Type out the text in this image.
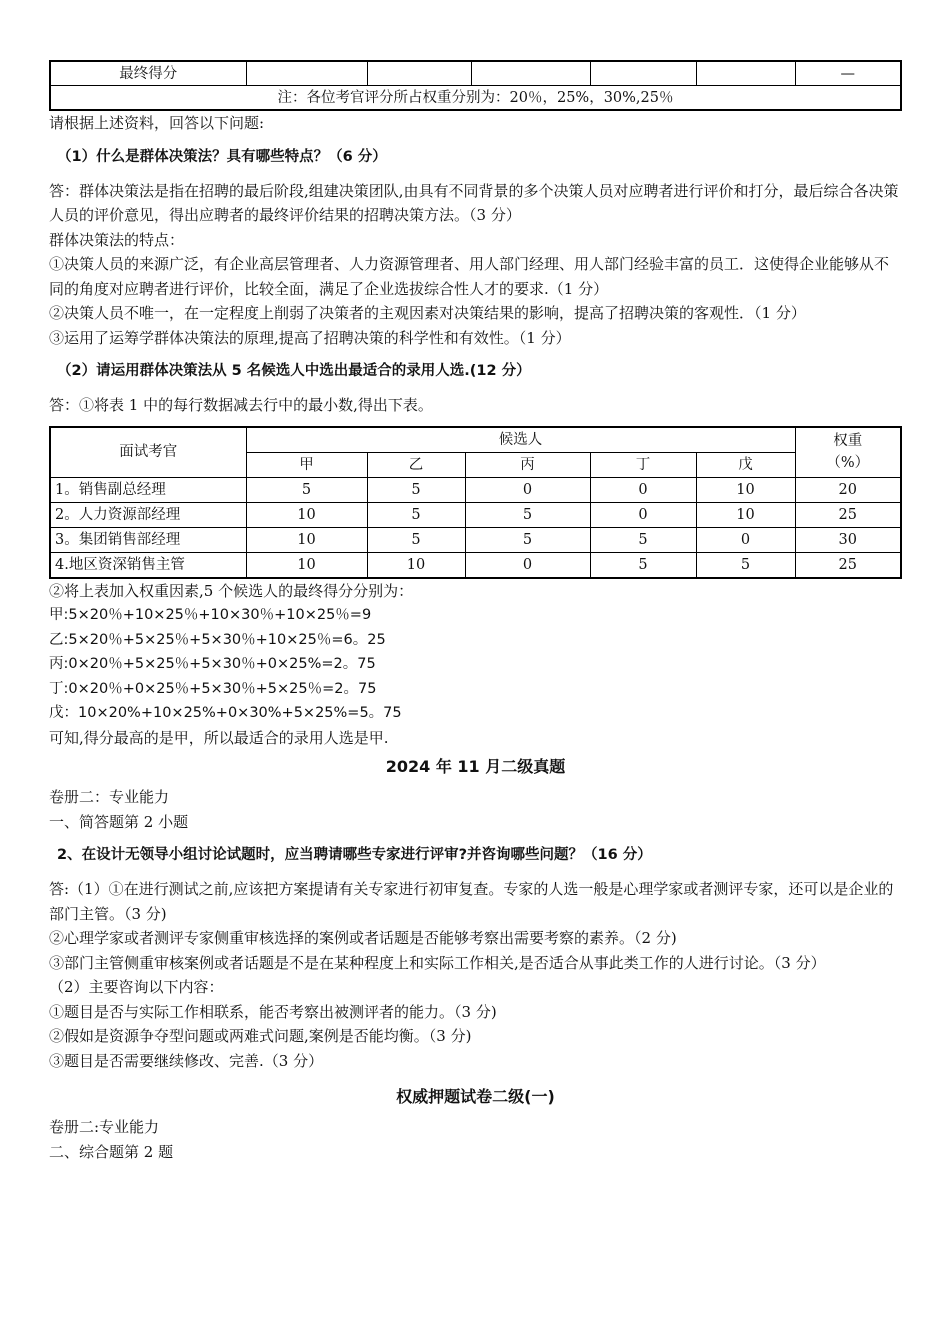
最终得分						—
注：各位考官评分所占权重分别为：20％，25%，30%,25％

请根据上述资料，回答以下问题:

（1）什么是群体决策法？具有哪些特点？（6 分）

答：群体决策法是指在招聘的最后阶段,组建决策团队,由具有不同背景的多个决策人员对应聘者进行评价和打分，最后综合各决策人员的评价意见，得出应聘者的最终评价结果的招聘决策方法。（3 分）

群体决策法的特点：

①决策人员的来源广泛，有企业高层管理者、人力资源管理者、用人部门经理、用人部门经验丰富的员工．这使得企业能够从不同的角度对应聘者进行评价，比较全面，满足了企业选拔综合性人才的要求.（1 分）

②决策人员不唯一，在一定程度上削弱了决策者的主观因素对决策结果的影响，提高了招聘决策的客观性．（1 分）

③运用了运筹学群体决策法的原理,提高了招聘决策的科学性和有效性。（1 分）

（2）请运用群体决策法从 5 名候选人中选出最适合的录用人选.(12 分）

答：①将表 1 中的每行数据减去行中的最小数,得出下表。

面试考官	候选人					权重
（%）

	甲	乙	丙	丁	戊	
1。销售副总经理	5	5	0	0	10	20
2。人力资源部经理	10	5	5	0	10	25
3。集团销售部经理	10	5	5	5	0	30
4.地区资深销售主管	10	10	0	5	5	25

②将上表加入权重因素,5 个候选人的最终得分分别为：

甲:5×20％+10×25％+10×30％+10×25％=9

乙:5×20％+5×25％+5×30％+10×25％=6。25

丙:0×20％+5×25％+5×30％+0×25%=2。75

丁:0×20％+0×25％+5×30％+5×25％=2。75

戊：10×20%+10×25%+0×30%+5×25%=5。75

可知,得分最高的是甲，所以最适合的录用人选是甲.

2024 年 11 月二级真题

卷册二：专业能力

一、简答题第 2 小题

2、在设计无领导小组讨论试题时，应当聘请哪些专家进行评审?并咨询哪些问题？（16 分）

答:（1）①在进行测试之前,应该把方案提请有关专家进行初审复查。专家的人选一般是心理学家或者测评专家，还可以是企业的部门主管。（3 分)

②心理学家或者测评专家侧重审核选择的案例或者话题是否能够考察出需要考察的素养。（2 分)

③部门主管侧重审核案例或者话题是不是在某种程度上和实际工作相关,是否适合从事此类工作的人进行讨论。（3 分）

（2）主要咨询以下内容：

①题目是否与实际工作相联系，能否考察出被测评者的能力。（3 分)

②假如是资源争夺型问题或两难式问题,案例是否能均衡。（3 分)

③题目是否需要继续修改、完善.（3 分）

权威押题试卷二级(一)

卷册二:专业能力

二、综合题第 2 题
